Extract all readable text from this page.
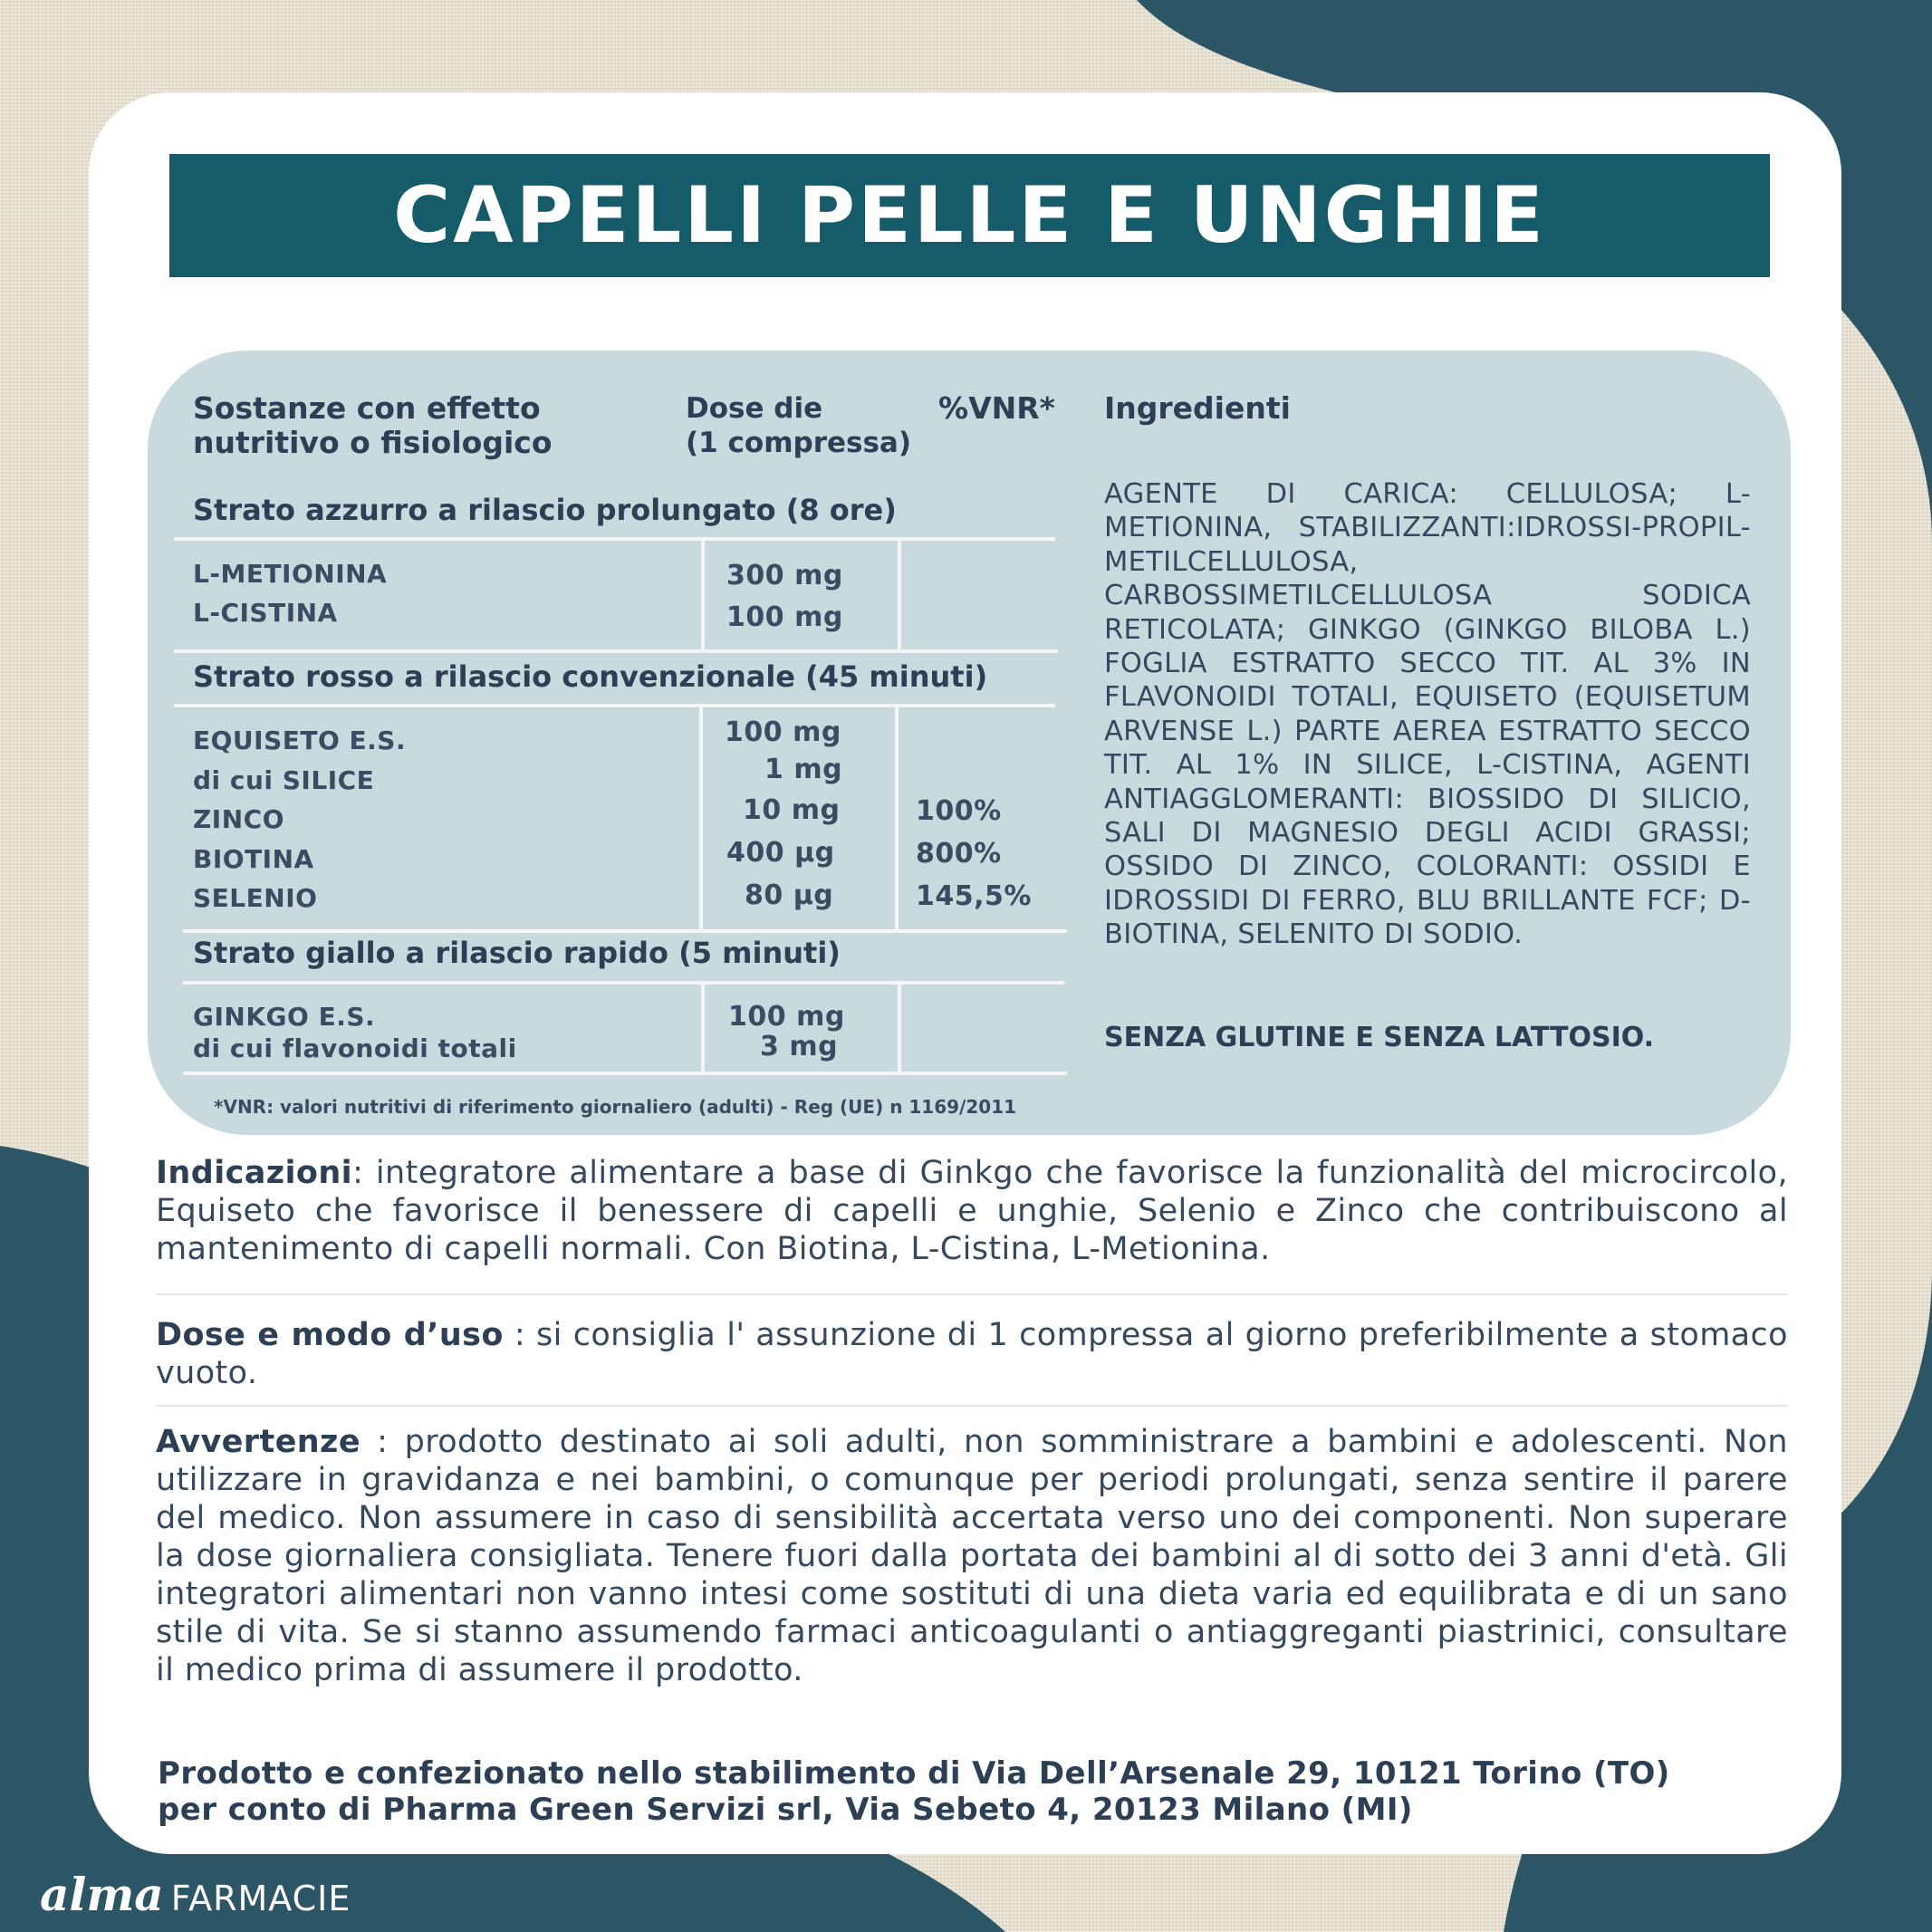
CAPELLI PELLE E UNGHIE
Sostanze con effetto
nutritivo o fisiologico
Dose die
(1 compressa)
%VNR*
Strato azzurro a rilascio prolungato (8 ore)
L-METIONINA
L-CISTINA
300 mg
100 mg
Strato rosso a rilascio convenzionale (45 minuti)
EQUISETO E.S.
di cui SILICE
ZINCO
BIOTINA
SELENIO
100 mg
1 mg
10 mg
400 µg
80 µg
100%
800%
145,5%
Strato giallo a rilascio rapido (5 minuti)
GINKGO E.S.
di cui flavonoidi totali
100 mg
3 mg
*VNR: valori nutritivi di riferimento giornaliero (adulti) - Reg (UE) n 1169/2011
Ingredienti

AGENTE DI CARICA: CELLULOSA; L-METIONINA, STABILIZZANTI:IDROSSI-PROPIL-METILCELLULOSA, CARBOSSIMETILCELLULOSA SODICA RETICOLATA; GINKGO (GINKGO BILOBA L.) FOGLIA ESTRATTO SECCO TIT. AL 3% IN FLAVONOIDI TOTALI, EQUISETO (EQUISETUM ARVENSE L.) PARTE AEREA ESTRATTO SECCO TIT. AL 1% IN SILICE, L-CISTINA, AGENTI ANTIAGGLOMERANTI: BIOSSIDO DI SILICIO, SALI DI MAGNESIO DEGLI ACIDI GRASSI; OSSIDO DI ZINCO, COLORANTI: OSSIDI E IDROSSIDI DI FERRO, BLU BRILLANTE FCF; D-BIOTINA, SELENITO DI SODIO.

SENZA GLUTINE E SENZA LATTOSIO.

Indicazioni: integratore alimentare a base di Ginkgo che favorisce la funzionalità del microcircolo, Equiseto che favorisce il benessere di capelli e unghie, Selenio e Zinco che contribuiscono al mantenimento di capelli normali. Con Biotina, L-Cistina, L-Metionina.

Dose e modo d’uso : si consiglia l' assunzione di 1 compressa al giorno preferibilmente a stomaco vuoto.

Avvertenze : prodotto destinato ai soli adulti, non somministrare a bambini e adolescenti. Non utilizzare in gravidanza e nei bambini, o comunque per periodi prolungati, senza sentire il parere del medico. Non assumere in caso di sensibilità accertata verso uno dei componenti. Non superare la dose giornaliera consigliata. Tenere fuori dalla portata dei bambini al di sotto dei 3 anni d'età. Gli integratori alimentari non vanno intesi come sostituti di una dieta varia ed equilibrata e di un sano stile di vita. Se si stanno assumendo farmaci anticoagulanti o antiaggreganti piastrinici, consultare il medico prima di assumere il prodotto.

Prodotto e confezionato nello stabilimento di Via Dell’Arsenale 29, 10121 Torino (TO)
per conto di Pharma Green Servizi srl, Via Sebeto 4, 20123 Milano (MI)
alma FARMACIE
